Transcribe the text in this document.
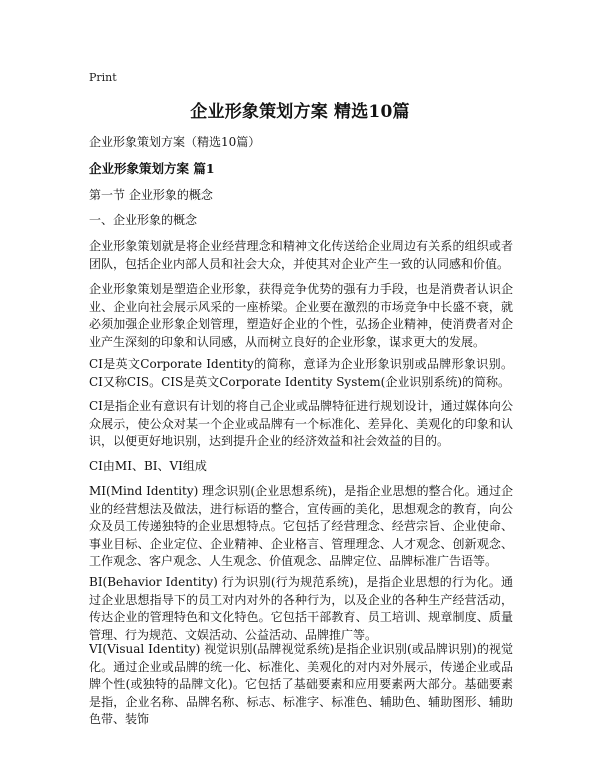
Print
企业形象策划方案 精选10篇
企业形象策划方案（精选10篇）
企业形象策划方案 篇1
第一节 企业形象的概念
一、企业形象的概念
企业形象策划就是将企业经营理念和精神文化传送给企业周边有关系的组织或者团队，包括企业内部人员和社会大众，并使其对企业产生一致的认同感和价值。
企业形象策划是塑造企业形象，获得竞争优势的强有力手段，也是消费者认识企业、企业向社会展示风采的一座桥梁。企业要在激烈的市场竞争中长盛不衰，就必须加强企业形象企划管理，塑造好企业的个性，弘扬企业精神，使消费者对企业产生深刻的印象和认同感，从而树立良好的企业形象，谋求更大的发展。
CI是英文Corporate Identity的简称，意译为企业形象识别或品牌形象识别。CI又称CIS。CIS是英文Corporate Identity System(企业识别系统)的简称。
CI是指企业有意识有计划的将自己企业或品牌特征进行规划设计，通过媒体向公众展示，使公众对某一个企业或品牌有一个标准化、差异化、美观化的印象和认识，以便更好地识别，达到提升企业的经济效益和社会效益的目的。
CI由MI、BI、VI组成
MI(Mind Identity) 理念识别(企业思想系统)，是指企业思想的整合化。通过企业的经营想法及做法，进行标语的整合，宣传画的美化，思想观念的教育，向公众及员工传递独特的企业思想特点。它包括了经营理念、经营宗旨、企业使命、事业目标、企业定位、企业精神、企业格言、管理理念、人才观念、创新观念、工作观念、客户观念、人生观念、价值观念、品牌定位、品牌标准广告语等。
BI(Behavior Identity) 行为识别(行为规范系统)，是指企业思想的行为化。通过企业思想指导下的员工对内对外的各种行为，以及企业的各种生产经营活动，传达企业的管理特色和文化特色。它包括干部教育、员工培训、规章制度、质量管理、行为规范、文娱活动、公益活动、品牌推广等。
VI(Visual Identity) 视觉识别(品牌视觉系统)是指企业识别(或品牌识别)的视觉化。通过企业或品牌的统一化、标准化、美观化的对内对外展示，传递企业或品牌个性(或独特的品牌文化)。它包括了基础要素和应用要素两大部分。基础要素是指，企业名称、品牌名称、标志、标准字、标准色、辅助色、辅助图形、辅助色带、装饰
